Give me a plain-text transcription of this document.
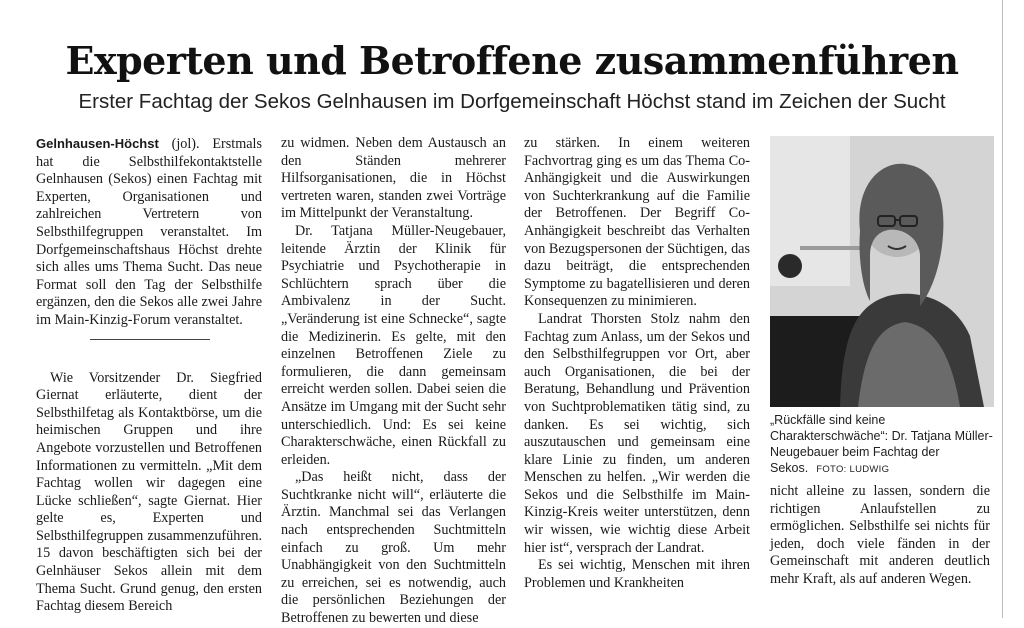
Experten und Betroffene zusammenführen
Erster Fachtag der Sekos Gelnhausen im Dorfgemeinschaft Höchst stand im Zeichen der Sucht

Gelnhausen-Höchst (jol). Erstmals hat die Selbsthilfekontaktstelle Gelnhausen (Sekos) einen Fachtag mit Experten, Organisationen und zahlreichen Vertretern von Selbsthilfegruppen veranstaltet. Im Dorfgemeinschaftshaus Höchst drehte sich alles ums Thema Sucht. Das neue Format soll den Tag der Selbsthilfe ergänzen, den die Sekos alle zwei Jahre im Main-Kinzig-Forum veranstaltet.

Wie Vorsitzender Dr. Siegfried Giernat erläuterte, dient der Selbsthilfetag als Kontaktbörse, um die heimischen Gruppen und ihre Angebote vorzustellen und Betroffenen Informationen zu vermitteln. „Mit dem Fachtag wollen wir dagegen eine Lücke schließen“, sagte Giernat. Hier gelte es, Experten und Selbsthilfegruppen zusammenzuführen. 15 davon beschäftigten sich bei der Gelnhäuser Sekos allein mit dem Thema Sucht. Grund genug, den ersten Fachtag diesem Bereich

zu widmen. Neben dem Austausch an den Ständen mehrerer Hilfsorganisationen, die in Höchst vertreten waren, standen zwei Vorträge im Mittelpunkt der Veranstaltung.

Dr. Tatjana Müller-Neugebauer, leitende Ärztin der Klinik für Psychiatrie und Psychotherapie in Schlüchtern sprach über die Ambivalenz in der Sucht. „Veränderung ist eine Schnecke“, sagte die Medizinerin. Es gelte, mit den einzelnen Betroffenen Ziele zu formulieren, die dann gemeinsam erreicht werden sollen. Dabei seien die Ansätze im Umgang mit der Sucht sehr unterschiedlich. Und: Es sei keine Charakterschwäche, einen Rückfall zu erleiden.

„Das heißt nicht, dass der Suchtkranke nicht will“, erläuterte die Ärztin. Manchmal sei das Verlangen nach entsprechenden Suchtmitteln einfach zu groß. Um mehr Unabhängigkeit von den Suchtmitteln zu erreichen, sei es notwendig, auch die persönlichen Beziehungen der Betroffenen zu bewerten und diese

zu stärken. In einem weiteren Fachvortrag ging es um das Thema Co-Anhängigkeit und die Auswirkungen von Suchterkrankung auf die Familie der Betroffenen. Der Begriff Co-Anhängigkeit beschreibt das Verhalten von Bezugspersonen der Süchtigen, das dazu beiträgt, die entsprechenden Symptome zu bagatellisieren und deren Konsequenzen zu minimieren.

Landrat Thorsten Stolz nahm den Fachtag zum Anlass, um der Sekos und den Selbsthilfegruppen vor Ort, aber auch Organisationen, die bei der Beratung, Behandlung und Prävention von Suchtproblematiken tätig sind, zu danken. Es sei wichtig, sich auszutauschen und gemeinsam eine klare Linie zu finden, um anderen Menschen zu helfen. „Wir werden die Sekos und die Selbsthilfe im Main-Kinzig-Kreis weiter unterstützen, denn wir wissen, wie wichtig diese Arbeit hier ist“, versprach der Landrat.

Es sei wichtig, Menschen mit ihren Problemen und Krankheiten

„Rückfälle sind keine Charakterschwäche“: Dr. Tatjana Müller-Neugebauer beim Fachtag der Sekos. FOTO: LUDWIG

nicht alleine zu lassen, sondern die richtigen Anlaufstellen zu ermöglichen. Selbsthilfe sei nichts für jeden, doch viele fänden in der Gemeinschaft mit anderen deutlich mehr Kraft, als auf anderen Wegen.
